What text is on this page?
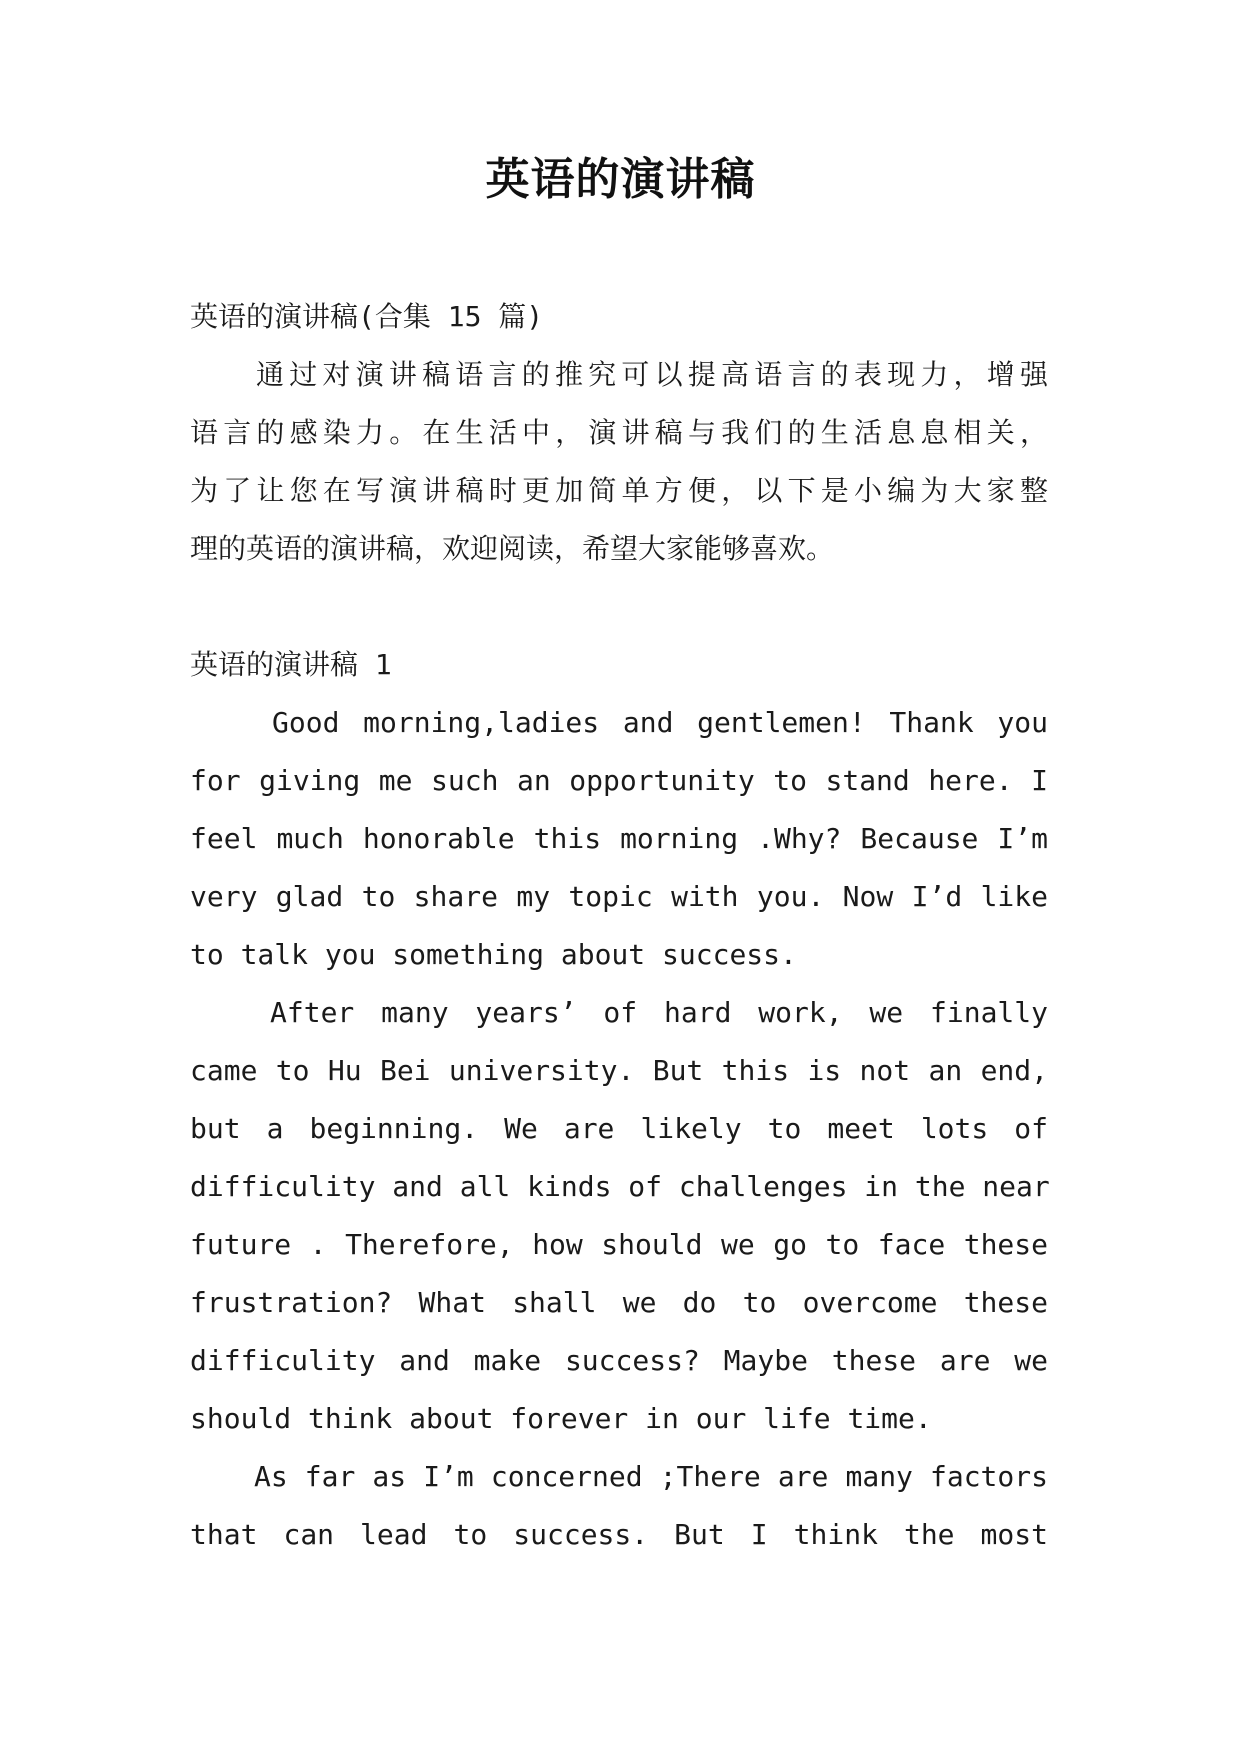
英语的演讲稿
英语的演讲稿(合集 15 篇)
通过对演讲稿语言的推究可以提高语言的表现力，增强
语言的感染力。在生活中，演讲稿与我们的生活息息相关，
为了让您在写演讲稿时更加简单方便，以下是小编为大家整
理的英语的演讲稿，欢迎阅读，希望大家能够喜欢。
英语的演讲稿 1
Good morning,ladies and gentlemen! Thank you
for giving me such an opportunity to stand here. I
feel much honorable this morning .Why? Because I’m
very glad to share my topic with you. Now I’d like
to talk you something about success.
After many years’ of hard work, we finally
came to Hu Bei university. But this is not an end,
but a beginning. We are likely to meet lots of
difficulity and all kinds of challenges in the near
future . Therefore, how should we go to face these
frustration? What shall we do to overcome these
difficulity and make success? Maybe these are we
should think about forever in our life time.
As far as I’m concerned ;There are many factors
that can lead to success. But I think the most
